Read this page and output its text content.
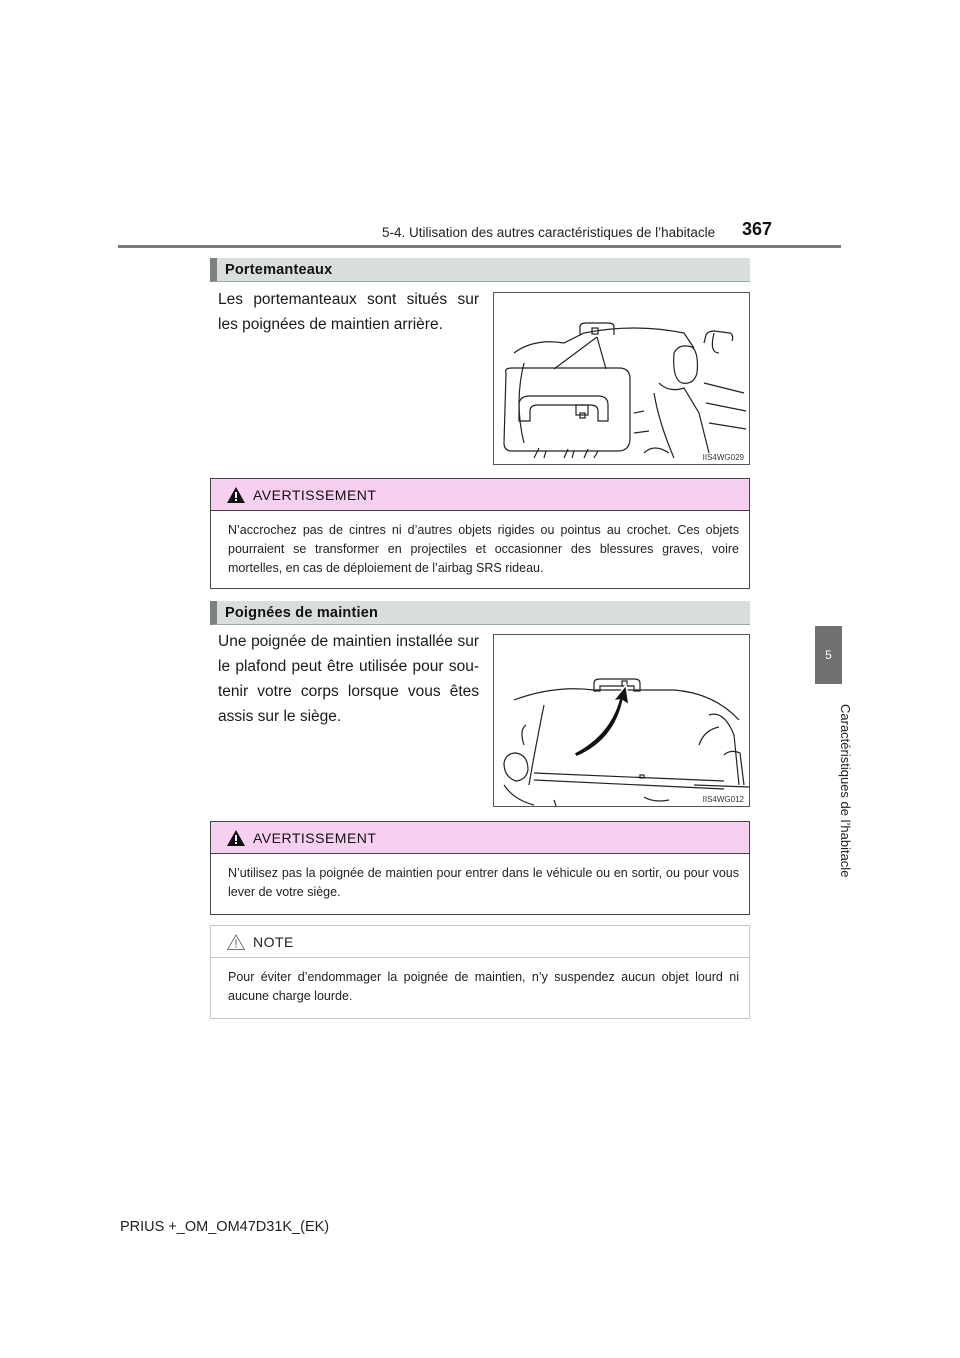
5-4. Utilisation des autres caractéristiques de l’habitacle 367
5
Caractéristiques de l’habitacle
Portemanteaux
Les portemanteaux sont situés sur les poignées de maintien arrière.
IIS4WG029
AVERTISSEMENT
N’accrochez pas de cintres ni d’autres objets rigides ou pointus au crochet. Ces objets pourraient se transformer en projectiles et occasionner des blessures graves, voire mortelles, en cas de déploiement de l’airbag SRS rideau.
Poignées de maintien
Une poignée de maintien installée sur le plafond peut être utilisée pour sou-tenir votre corps lorsque vous êtes assis sur le siège.
IIS4WG012
AVERTISSEMENT
N’utilisez pas la poignée de maintien pour entrer dans le véhicule ou en sortir, ou pour vous lever de votre siège.
NOTE
Pour éviter d’endommager la poignée de maintien, n’y suspendez aucun objet lourd ni aucune charge lourde.
PRIUS +_OM_OM47D31K_(EK)
